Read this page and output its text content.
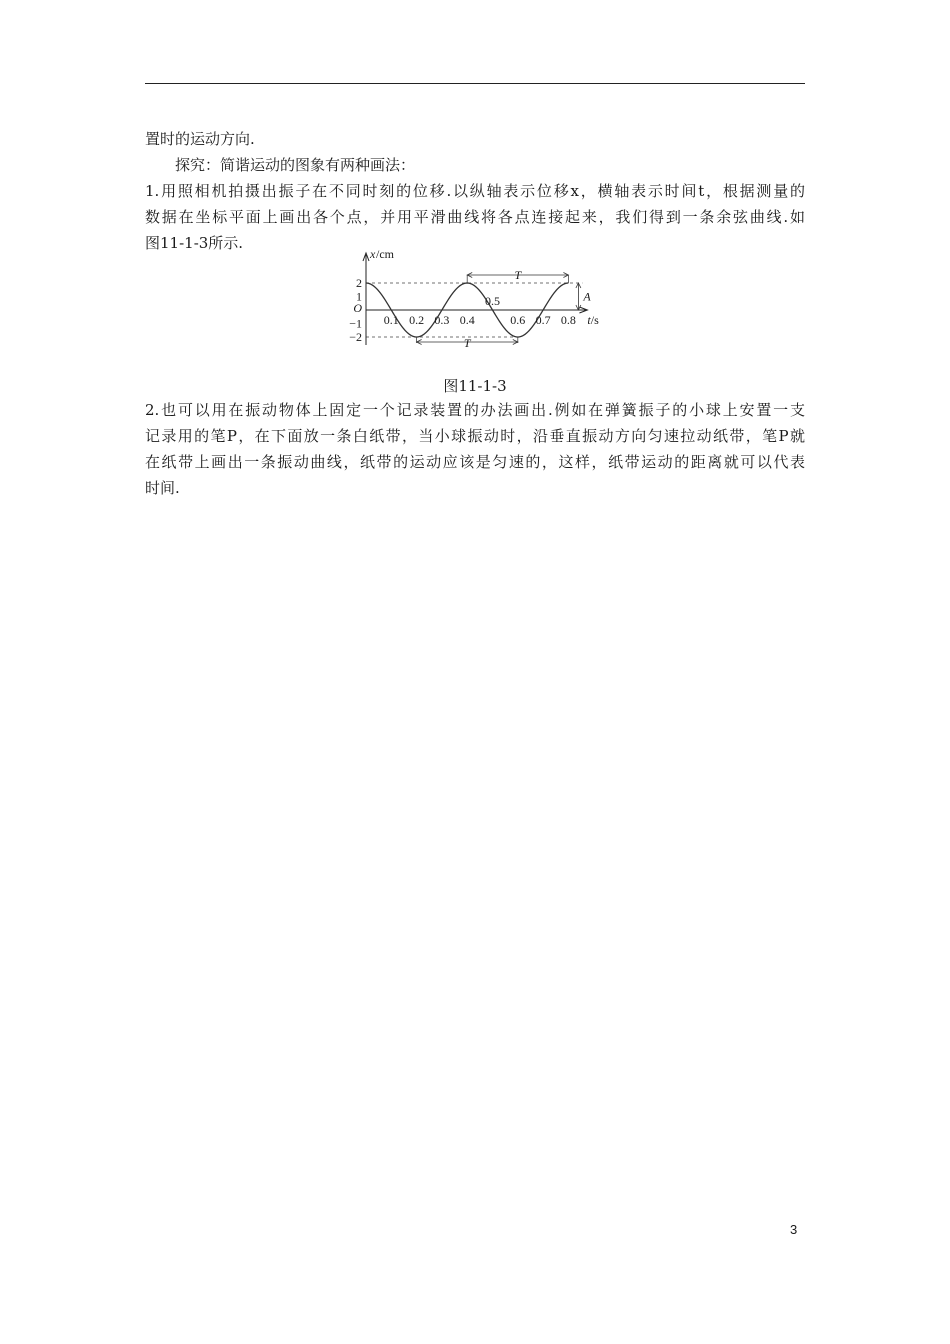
置时的运动方向.
探究：简谐运动的图象有两种画法：
1.用照相机拍摄出振子在不同时刻的位移.以纵轴表示位移x，横轴表示时间t，根据测量的
数据在坐标平面上画出各个点，并用平滑曲线将各点连接起来，我们得到一条余弦曲线.如
图11-1-3所示.
T
T
A
x /cm
2
1
−1
−2
O
0.1 0.2 0.3 0.4
0.5
0.6 0.7 0.8 t/s
图11-1-3
2.也可以用在振动物体上固定一个记录装置的办法画出.例如在弹簧振子的小球上安置一支
记录用的笔P，在下面放一条白纸带，当小球振动时，沿垂直振动方向匀速拉动纸带，笔P就
在纸带上画出一条振动曲线，纸带的运动应该是匀速的，这样，纸带运动的距离就可以代表
时间.
3
